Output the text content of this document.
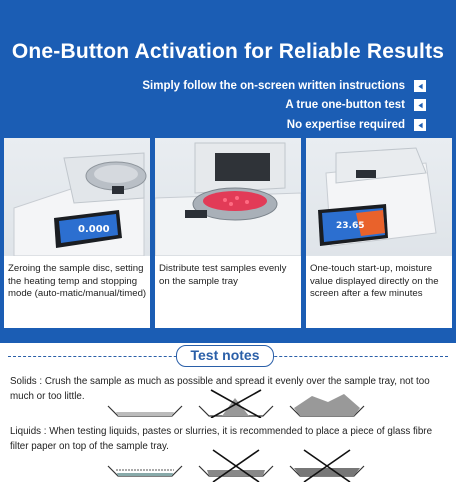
One-Button Activation for Reliable Results
Simply follow the on-screen written instructions
A true one-button test
No expertise required
0.000
Zeroing the sample disc, setting the heating temp and stopping mode (auto-matic/manual/timed)
Distribute test samples evenly on the sample tray
23.65
One-touch start-up, moisture value displayed directly on the screen after a few minutes
Test notes
Solids : Crush the sample as much as possible and spread it evenly over the sample tray, not too much or too little.
Liquids : When testing liquids, pastes or slurries, it is recommended to place a piece of glass fibre filter paper on top of the sample tray.
